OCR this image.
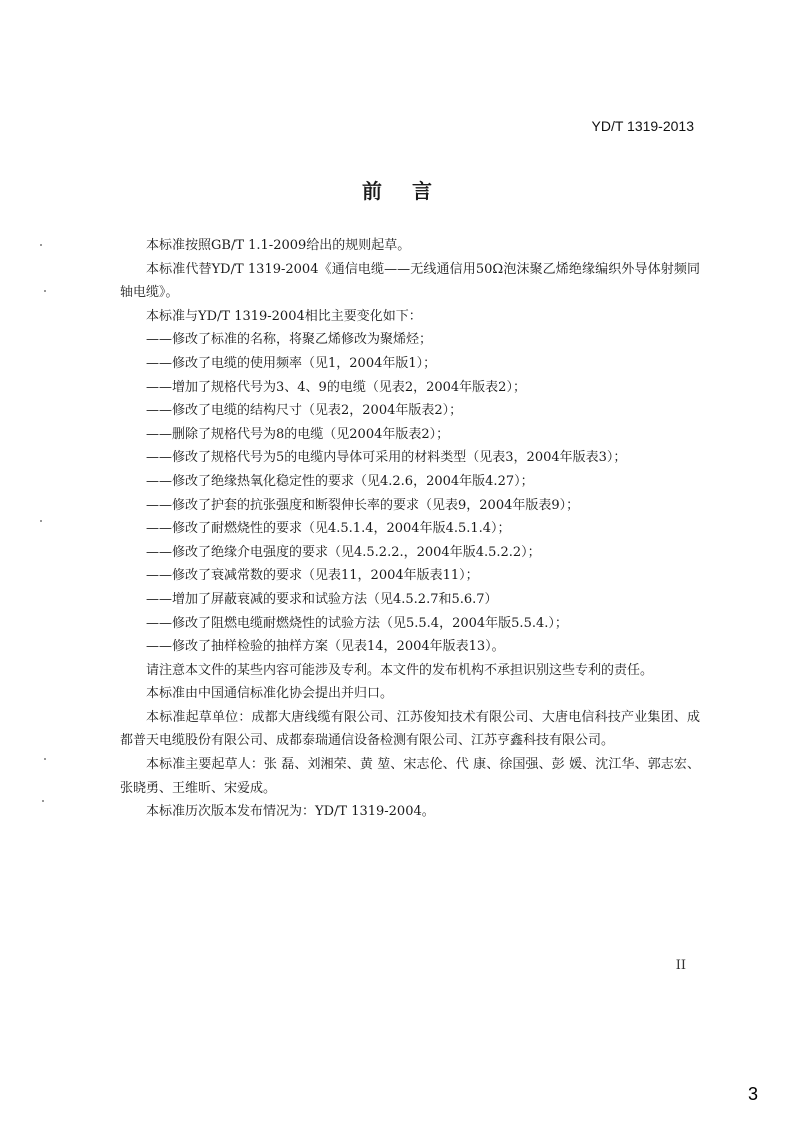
YD/T 1319-2013
前言

本标准按照GB/T 1.1-2009给出的规则起草。

本标准代替YD/T 1319-2004《通信电缆——无线通信用50Ω泡沫聚乙烯绝缘编织外导体射频同轴电缆》。

本标准与YD/T 1319-2004相比主要变化如下：

——修改了标准的名称，将聚乙烯修改为聚烯烃；

——修改了电缆的使用频率（见1，2004年版1）；

——增加了规格代号为3、4、9的电缆（见表2，2004年版表2）；

——修改了电缆的结构尺寸（见表2，2004年版表2）；

——删除了规格代号为8的电缆（见2004年版表2）；

——修改了规格代号为5的电缆内导体可采用的材料类型（见表3，2004年版表3）；

——修改了绝缘热氧化稳定性的要求（见4.2.6，2004年版4.27）；

——修改了护套的抗张强度和断裂伸长率的要求（见表9，2004年版表9）；

——修改了耐燃烧性的要求（见4.5.1.4，2004年版4.5.1.4）；

——修改了绝缘介电强度的要求（见4.5.2.2.，2004年版4.5.2.2）；

——修改了衰减常数的要求（见表11，2004年版表11）；

——增加了屏蔽衰减的要求和试验方法（见4.5.2.7和5.6.7）

——修改了阻燃电缆耐燃烧性的试验方法（见5.5.4，2004年版5.5.4.）；

——修改了抽样检验的抽样方案（见表14，2004年版表13）。

请注意本文件的某些内容可能涉及专利。本文件的发布机构不承担识别这些专利的责任。

本标准由中国通信标准化协会提出并归口。

本标准起草单位：成都大唐线缆有限公司、江苏俊知技术有限公司、大唐电信科技产业集团、成都普天电缆股份有限公司、成都泰瑞通信设备检测有限公司、江苏亨鑫科技有限公司。

本标准主要起草人：张 磊、刘湘荣、黄 堃、宋志伦、代 康、徐国强、彭 媛、沈江华、郭志宏、张晓勇、王维昕、宋爱成。

本标准历次版本发布情况为：YD/T 1319-2004。

II
3
